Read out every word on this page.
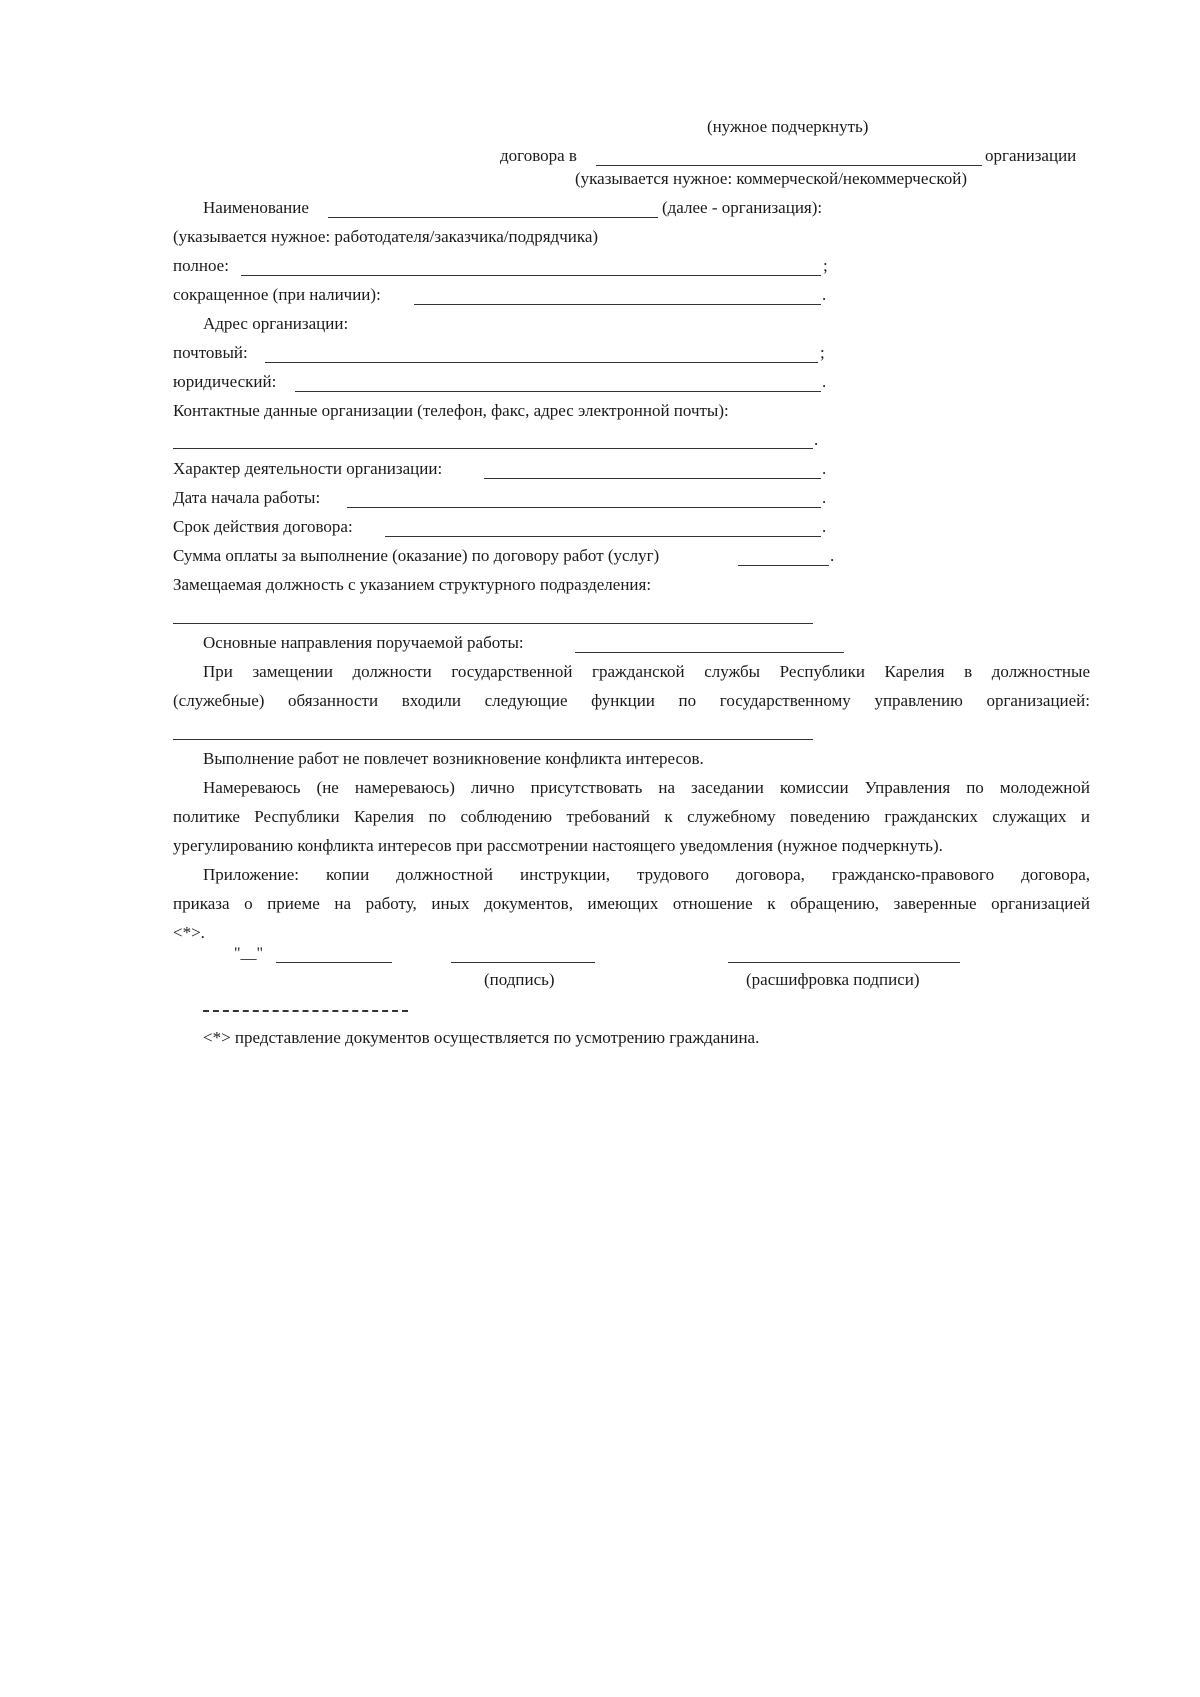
(нужное подчеркнуть)
договора в	организации
(указывается нужное: коммерческой/некоммерческой)
Наименование	(далее - организация):
(указывается нужное: работодателя/заказчика/подрядчика)
полное:	;
сокращенное (при наличии):	.
Адрес организации:
почтовый:	;
юридический:	.
Контактные данные организации (телефон, факс, адрес электронной почты):
.
Характер деятельности организации:	.
Дата начала работы:	.
Срок действия договора:	.
Сумма оплаты за выполнение (оказание) по договору работ (услуг)	.
Замещаемая должность с указанием структурного подразделения:
Основные направления поручаемой работы:
При замещении должности государственной гражданской службы Республики Карелия в должностные
(служебные) обязанности входили следующие функции по государственному управлению организацией:
Выполнение работ не повлечет возникновение конфликта интересов.
Намереваюсь (не намереваюсь) лично присутствовать на заседании комиссии Управления по молодежной
политике Республики Карелия по соблюдению требований к служебному поведению гражданских служащих и
урегулированию конфликта интересов при рассмотрении настоящего уведомления (нужное подчеркнуть).
Приложение: копии должностной инструкции, трудового договора, гражданско-правового договора,
приказа о приеме на работу, иных документов, имеющих отношение к обращению, заверенные организацией
<*>.
"__"
(подпись)	(расшифровка подписи)
<*> представление документов осуществляется по усмотрению гражданина.
